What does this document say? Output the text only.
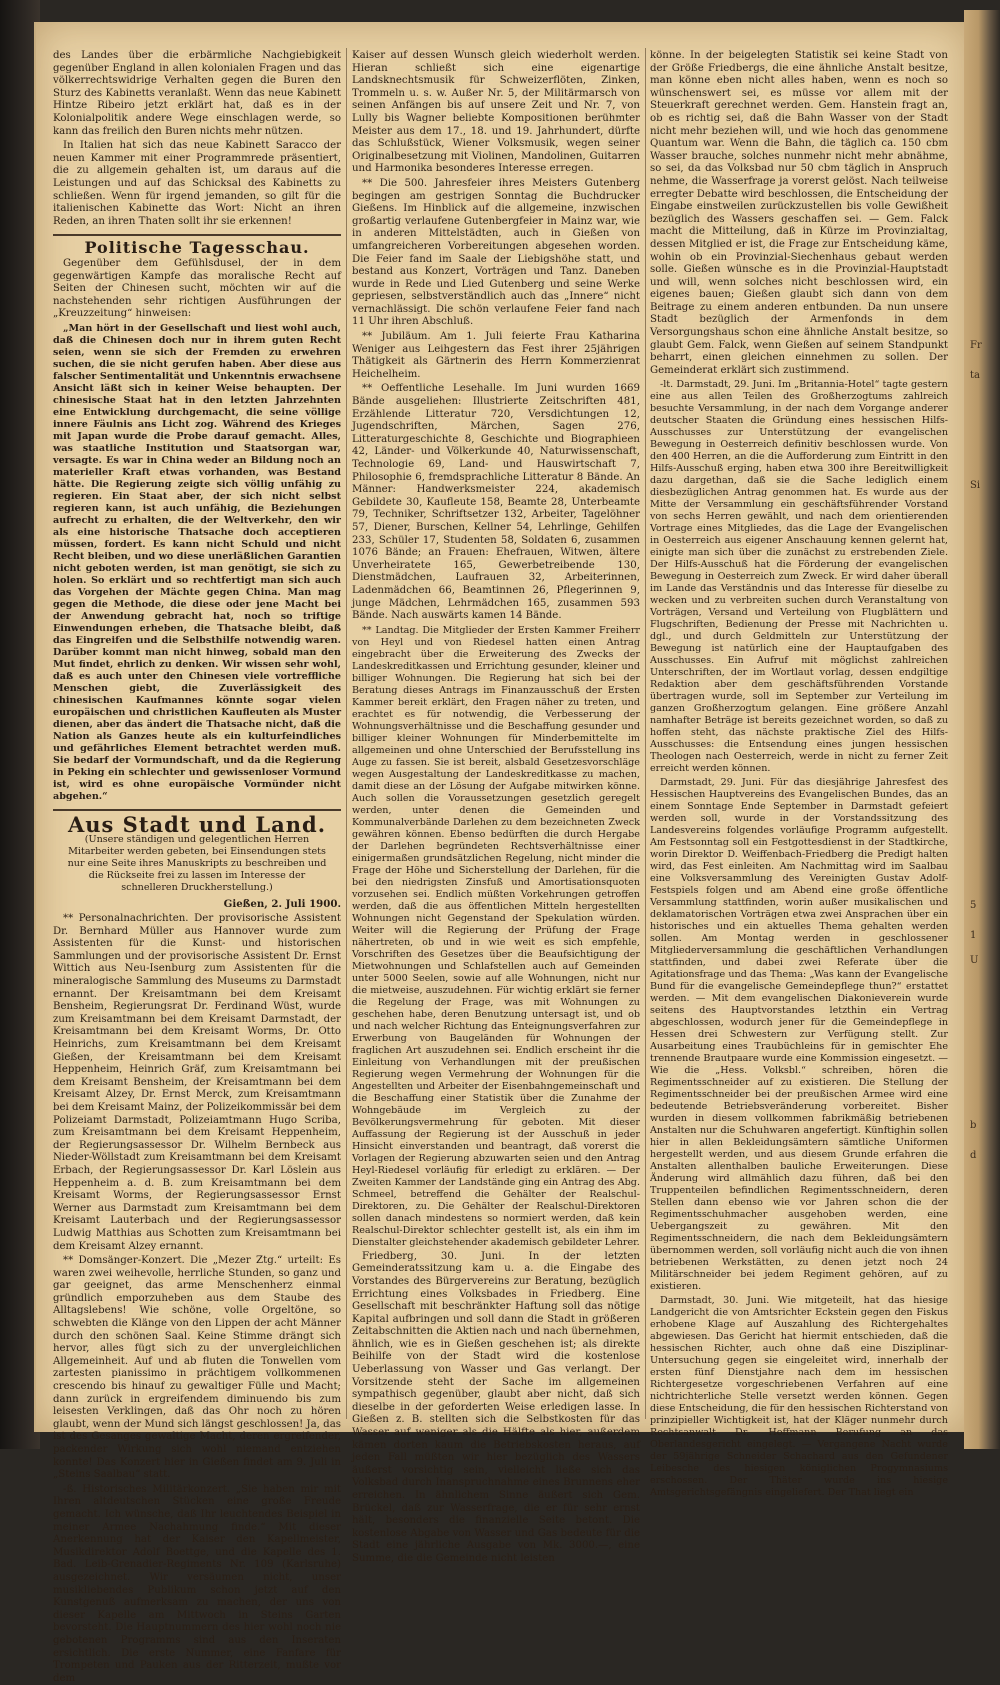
Fr
ta
Si
5
1
U
b
d

des Landes über die erbärmliche Nachgiebigkeit gegenüber England in allen kolonialen Fragen und das völkerrechtswidrige Verhalten gegen die Buren den Sturz des Kabinetts veranlaßt. Wenn das neue Kabinett Hintze Ribeiro jetzt erklärt hat, daß es in der Kolonialpolitik andere Wege einschlagen werde, so kann das freilich den Buren nichts mehr nützen.

In Italien hat sich das neue Kabinett Saracco der neuen Kammer mit einer Programmrede präsentiert, die zu allgemein gehalten ist, um daraus auf die Leistungen und auf das Schicksal des Kabinetts zu schließen. Wenn für irgend jemanden, so gilt für die italienischen Kabinette das Wort: Nicht an ihren Reden, an ihren Thaten sollt ihr sie erkennen!

Politische Tagesschau.

Gegenüber dem Gefühlsdusel, der in dem gegenwärtigen Kampfe das moralische Recht auf Seiten der Chinesen sucht, möchten wir auf die nachstehenden sehr richtigen Ausführungen der „Kreuzzeitung“ hinweisen:

„Man hört in der Gesellschaft und liest wohl auch, daß die Chinesen doch nur in ihrem guten Recht seien, wenn sie sich der Fremden zu erwehren suchen, die sie nicht gerufen haben. Aber diese aus falscher Sentimentalität und Unkenntnis erwachsene Ansicht läßt sich in keiner Weise behaupten. Der chinesische Staat hat in den letzten Jahrzehnten eine Entwicklung durchgemacht, die seine völlige innere Fäulnis ans Licht zog. Während des Krieges mit Japan wurde die Probe darauf gemacht. Alles, was staatliche Institution und Staatsorgan war, versagte. Es war in China weder an Bildung noch an materieller Kraft etwas vorhanden, was Bestand hätte. Die Regierung zeigte sich völlig unfähig zu regieren. Ein Staat aber, der sich nicht selbst regieren kann, ist auch unfähig, die Beziehungen aufrecht zu erhalten, die der Weltverkehr, den wir als eine historische Thatsache doch acceptieren müssen, fordert. Es kann nicht Schuld und nicht Recht bleiben, und wo diese unerläßlichen Garantien nicht geboten werden, ist man genötigt, sie sich zu holen. So erklärt und so rechtfertigt man sich auch das Vorgehen der Mächte gegen China. Man mag gegen die Methode, die diese oder jene Macht bei der Anwendung gebracht hat, noch so triftige Einwendungen erheben, die Thatsache bleibt, daß das Eingreifen und die Selbsthilfe notwendig waren. Darüber kommt man nicht hinweg, sobald man den Mut findet, ehrlich zu denken. Wir wissen sehr wohl, daß es auch unter den Chinesen viele vortreffliche Menschen giebt, die Zuverlässigkeit des chinesischen Kaufmannes könnte sogar vielen europäischen und christlichen Kaufleuten als Muster dienen, aber das ändert die Thatsache nicht, daß die Nation als Ganzes heute als ein kulturfeindliches und gefährliches Element betrachtet werden muß. Sie bedarf der Vormundschaft, und da die Regierung in Peking ein schlechter und gewissenloser Vormund ist, wird es ohne europäische Vormünder nicht abgehen.“

Aus Stadt und Land.
(Unsere ständigen und gelegentlichen Herren Mitarbeiter werden gebeten, bei Einsendungen stets nur eine Seite ihres Manuskripts zu beschreiben und die Rückseite frei zu lassen im Interesse der schnelleren Druckherstellung.)
Gießen, 2. Juli 1900.

** Personalnachrichten. Der provisorische Assistent Dr. Bernhard Müller aus Hannover wurde zum Assistenten für die Kunst- und historischen Sammlungen und der provisorische Assistent Dr. Ernst Wittich aus Neu-Isenburg zum Assistenten für die mineralogische Sammlung des Museums zu Darmstadt ernannt. Der Kreisamtmann bei dem Kreisamt Bensheim, Regierungsrat Dr. Ferdinand Wüst, wurde zum Kreisamtmann bei dem Kreisamt Darmstadt, der Kreisamtmann bei dem Kreisamt Worms, Dr. Otto Heinrichs, zum Kreisamtmann bei dem Kreisamt Gießen, der Kreisamtmann bei dem Kreisamt Heppenheim, Heinrich Gräf, zum Kreisamtmann bei dem Kreisamt Bensheim, der Kreisamtmann bei dem Kreisamt Alzey, Dr. Ernst Merck, zum Kreisamtmann bei dem Kreisamt Mainz, der Polizeikommissär bei dem Polizeiamt Darmstadt, Polizeiamtmann Hugo Scriba, zum Kreisamtmann bei dem Kreisamt Heppenheim, der Regierungsassessor Dr. Wilhelm Bernbeck aus Nieder-Wöllstadt zum Kreisamtmann bei dem Kreisamt Erbach, der Regierungsassessor Dr. Karl Löslein aus Heppenheim a. d. B. zum Kreisamtmann bei dem Kreisamt Worms, der Regierungsassessor Ernst Werner aus Darmstadt zum Kreisamtmann bei dem Kreisamt Lauterbach und der Regierungsassessor Ludwig Matthias aus Schotten zum Kreisamtmann bei dem Kreisamt Alzey ernannt.

** Domsänger-Konzert. Die „Mezer Ztg.“ urteilt: Es waren zwei weihevolle, herrliche Stunden, so ganz und gar geeignet, das arme Menschenherz einmal gründlich emporzuheben aus dem Staube des Alltagslebens! Wie schöne, volle Orgeltöne, so schwebten die Klänge von den Lippen der acht Männer durch den schönen Saal. Keine Stimme drängt sich hervor, alles fügt sich zu der unvergleichlichen Allgemeinheit. Auf und ab fluten die Tonwellen vom zartesten pianissimo in prächtigem vollkommenen crescendo bis hinauf zu gewaltiger Fülle und Macht; dann zurück in ergreifendem diminuendo bis zum leisesten Verklingen, daß das Ohr noch zu hören glaubt, wenn der Mund sich längst geschlossen! Ja, das ist des Gesanges gewaltige Macht, deren ergreifender, packender Wirkung sich wohl niemand entziehen konnte! Das Konzert hier in Gießen findet am 9. Juli in „Steins Saalbau“ statt.

-ß. Historisches Militärkonzert. „Sie haben mir mit Ihren altdeutschen Stücken eine große Freude gemacht. Ich wünsche, daß Ihr leuchtendes Beispiel in meiner Armee Nachahmung finde.“ Mit dieser Anerkennung hat der Kaiser den Kapellmeister, Musikdirektor Adolf Boettge, und die Kapelle des 1. Bad. Leib-Grenadier-Regiments Nr. 109 (Karlsruhe) ausgezeichnet. Wir versäumen nicht, unser musikliebendes Publikum schon jetzt auf den Kunstgenuß aufmerksam zu machen, der uns von dieser Kapelle am Mittwoch in Steins Garten bevorsteht. Die Hauptnummern des hier wohl noch nie gebotenen Programms sind aus den Inseraten ersichtlich. Die erste Nummer, eine Fanfare für Trompeten und Pauken aus der Ritterzeit, mußte vor dem

Kaiser auf dessen Wunsch gleich wiederholt werden. Hieran schließt sich eine eigenartige Landsknechtsmusik für Schweizerflöten, Zinken, Trommeln u. s. w. Außer Nr. 5, der Militärmarsch von seinen Anfängen bis auf unsere Zeit und Nr. 7, von Lully bis Wagner beliebte Kompositionen berühmter Meister aus dem 17., 18. und 19. Jahrhundert, dürfte das Schlußstück, Wiener Volksmusik, wegen seiner Originalbesetzung mit Violinen, Mandolinen, Guitarren und Harmonika besonderes Interesse erregen.

** Die 500. Jahresfeier ihres Meisters Gutenberg begingen am gestrigen Sonntag die Buchdrucker Gießens. Im Hinblick auf die allgemeine, inzwischen großartig verlaufene Gutenbergfeier in Mainz war, wie in anderen Mittelstädten, auch in Gießen von umfangreicheren Vorbereitungen abgesehen worden. Die Feier fand im Saale der Liebigshöhe statt, und bestand aus Konzert, Vorträgen und Tanz. Daneben wurde in Rede und Lied Gutenberg und seine Werke gepriesen, selbstverständlich auch das „Innere“ nicht vernachlässigt. Die schön verlaufene Feier fand nach 11 Uhr ihren Abschluß.

** Jubiläum. Am 1. Juli feierte Frau Katharina Weniger aus Leihgestern das Fest ihrer 25jährigen Thätigkeit als Gärtnerin des Herrn Kommerzienrat Heichelheim.

** Oeffentliche Lesehalle. Im Juni wurden 1669 Bände ausgeliehen: Illustrierte Zeitschriften 481, Erzählende Litteratur 720, Versdichtungen 12, Jugendschriften, Märchen, Sagen 276, Litteraturgeschichte 8, Geschichte und Biographieen 42, Länder- und Völkerkunde 40, Naturwissenschaft, Technologie 69, Land- und Hauswirtschaft 7, Philosophie 6, fremdsprachliche Litteratur 8 Bände. An Männer: Handwerksmeister 224, akademisch Gebildete 30, Kaufleute 158, Beamte 28, Unterbeamte 79, Techniker, Schriftsetzer 132, Arbeiter, Tagelöhner 57, Diener, Burschen, Kellner 54, Lehrlinge, Gehilfen 233, Schüler 17, Studenten 58, Soldaten 6, zusammen 1076 Bände; an Frauen: Ehefrauen, Witwen, ältere Unverheiratete 165, Gewerbetreibende 130, Dienstmädchen, Laufrauen 32, Arbeiterinnen, Ladenmädchen 66, Beamtinnen 26, Pflegerinnen 9, junge Mädchen, Lehrmädchen 165, zusammen 593 Bände. Nach auswärts kamen 14 Bände.

** Landtag. Die Mitglieder der Ersten Kammer Freiherr von Heyl und von Riedesel hatten einen Antrag eingebracht über die Erweiterung des Zwecks der Landeskreditkassen und Errichtung gesunder, kleiner und billiger Wohnungen. Die Regierung hat sich bei der Beratung dieses Antrags im Finanzausschuß der Ersten Kammer bereit erklärt, den Fragen näher zu treten, und erachtet es für notwendig, die Verbesserung der Wohnungsverhältnisse und die Beschaffung gesunder und billiger kleiner Wohnungen für Minderbemittelte im allgemeinen und ohne Unterschied der Berufsstellung ins Auge zu fassen. Sie ist bereit, alsbald Gesetzesvorschläge wegen Ausgestaltung der Landeskreditkasse zu machen, damit diese an der Lösung der Aufgabe mitwirken könne. Auch sollen die Voraussetzungen gesetzlich geregelt werden, unter denen die Gemeinden und Kommunalverbände Darlehen zu dem bezeichneten Zweck gewähren können. Ebenso bedürften die durch Hergabe der Darlehen begründeten Rechtsverhältnisse einer einigermaßen grundsätzlichen Regelung, nicht minder die Frage der Höhe und Sicherstellung der Darlehen, für die bei den niedrigsten Zinsfuß und Amortisationsquoten vorzusehen sei. Endlich müßten Vorkehrungen getroffen werden, daß die aus öffentlichen Mitteln hergestellten Wohnungen nicht Gegenstand der Spekulation würden. Weiter will die Regierung der Prüfung der Frage nähertreten, ob und in wie weit es sich empfehle, Vorschriften des Gesetzes über die Beaufsichtigung der Mietwohnungen und Schlafstellen auch auf Gemeinden unter 5000 Seelen, sowie auf alle Wohnungen, nicht nur die mietweise, auszudehnen. Für wichtig erklärt sie ferner die Regelung der Frage, was mit Wohnungen zu geschehen habe, deren Benutzung untersagt ist, und ob und nach welcher Richtung das Enteignungsverfahren zur Erwerbung von Baugeländen für Wohnungen der fraglichen Art auszudehnen sei. Endlich erscheint ihr die Einleitung von Verhandlungen mit der preußischen Regierung wegen Vermehrung der Wohnungen für die Angestellten und Arbeiter der Eisenbahngemeinschaft und die Beschaffung einer Statistik über die Zunahme der Wohngebäude im Vergleich zu der Bevölkerungsvermehrung für geboten. Mit dieser Auffassung der Regierung ist der Ausschuß in jeder Hinsicht einverstanden und beantragt, daß vorerst die Vorlagen der Regierung abzuwarten seien und den Antrag Heyl-Riedesel vorläufig für erledigt zu erklären. — Der Zweiten Kammer der Landstände ging ein Antrag des Abg. Schmeel, betreffend die Gehälter der Realschul-Direktoren, zu. Die Gehälter der Realschul-Direktoren sollen danach mindestens so normiert werden, daß kein Realschul-Direktor schlechter gestellt ist, als ein ihm im Dienstalter gleichstehender akademisch gebildeter Lehrer.

Friedberg, 30. Juni. In der letzten Gemeinderatssitzung kam u. a. die Eingabe des Vorstandes des Bürgervereins zur Beratung, bezüglich Errichtung eines Volksbades in Friedberg. Eine Gesellschaft mit beschränkter Haftung soll das nötige Kapital aufbringen und soll dann die Stadt in größeren Zeitabschnitten die Aktien nach und nach übernehmen, ähnlich, wie es in Gießen geschehen ist; als direkte Beihilfe von der Stadt wird die kostenlose Ueberlassung von Wasser und Gas verlangt. Der Vorsitzende steht der Sache im allgemeinen sympathisch gegenüber, glaubt aber nicht, daß sich dieselbe in der geforderten Weise erledigen lasse. In Gießen z. B. stellten sich die Selbstkosten für das Wasser auf weniger als die Hälfte als hier, außerdem kämen dorten kaum die Betriebskosten heraus, auf jeden Fall müßten wir hier bezüglich des Wassers äußerst vorsichtig sein, vielleicht ließe sich das Volksbad durch Inanspruchnahme eines Brunnens eher erreichen. In ähnlichem Sinne äußert sich Gem. Brückel, daß zur Wasserfrage, die er für sehr ernst hält, besonders die finanzielle Seite betont. Die kostenlose Abgabe von Wasser und Gas bedeute für die Stadt eine jährliche Ausgabe von Mk. 3000.—, eine Summe, die die Gemeinde nicht leisten

könne. In der beigelegten Statistik sei keine Stadt von der Größe Friedbergs, die eine ähnliche Anstalt besitze, man könne eben nicht alles haben, wenn es noch so wünschenswert sei, es müsse vor allem mit der Steuerkraft gerechnet werden. Gem. Hanstein fragt an, ob es richtig sei, daß die Bahn Wasser von der Stadt nicht mehr beziehen will, und wie hoch das genommene Quantum war. Wenn die Bahn, die täglich ca. 150 cbm Wasser brauche, solches nunmehr nicht mehr abnähme, so sei, da das Volksbad nur 50 cbm täglich in Anspruch nehme, die Wasserfrage ja vorerst gelöst. Nach teilweise erregter Debatte wird beschlossen, die Entscheidung der Eingabe einstweilen zurückzustellen bis volle Gewißheit bezüglich des Wassers geschaffen sei. — Gem. Falck macht die Mitteilung, daß in Kürze im Provinzialtag, dessen Mitglied er ist, die Frage zur Entscheidung käme, wohin ob ein Provinzial-Siechenhaus gebaut werden solle. Gießen wünsche es in die Provinzial-Hauptstadt und will, wenn solches nicht beschlossen wird, ein eigenes bauen; Gießen glaubt sich dann von dem Beitrage zu einem anderen entbunden. Da nun unsere Stadt bezüglich der Armenfonds in dem Versorgungshaus schon eine ähnliche Anstalt besitze, so glaubt Gem. Falck, wenn Gießen auf seinem Standpunkt beharrt, einen gleichen einnehmen zu sollen. Der Gemeinderat erklärt sich zustimmend.

-lt. Darmstadt, 29. Juni. Im „Britannia-Hotel“ tagte gestern eine aus allen Teilen des Großherzogtums zahlreich besuchte Versammlung, in der nach dem Vorgange anderer deutscher Staaten die Gründung eines hessischen Hilfs-Ausschusses zur Unterstützung der evangelischen Bewegung in Oesterreich definitiv beschlossen wurde. Von den 400 Herren, an die die Aufforderung zum Eintritt in den Hilfs-Ausschuß erging, haben etwa 300 ihre Bereitwilligkeit dazu dargethan, daß sie die Sache lediglich einem diesbezüglichen Antrag genommen hat. Es wurde aus der Mitte der Versammlung ein geschäftsführender Vorstand von sechs Herren gewählt, und nach dem orientierenden Vortrage eines Mitgliedes, das die Lage der Evangelischen in Oesterreich aus eigener Anschauung kennen gelernt hat, einigte man sich über die zunächst zu erstrebenden Ziele. Der Hilfs-Ausschuß hat die Förderung der evangelischen Bewegung in Oesterreich zum Zweck. Er wird daher überall im Lande das Verständnis und das Interesse für dieselbe zu wecken und zu verbreiten suchen durch Veranstaltung von Vorträgen, Versand und Verteilung von Flugblättern und Flugschriften, Bedienung der Presse mit Nachrichten u. dgl., und durch Geldmitteln zur Unterstützung der Bewegung ist natürlich eine der Hauptaufgaben des Ausschusses. Ein Aufruf mit möglichst zahlreichen Unterschriften, der im Wortlaut vorlag, dessen endgiltige Redaktion aber dem geschäftsführenden Vorstande übertragen wurde, soll im September zur Verteilung im ganzen Großherzogtum gelangen. Eine größere Anzahl namhafter Beträge ist bereits gezeichnet worden, so daß zu hoffen steht, das nächste praktische Ziel des Hilfs-Ausschusses: die Entsendung eines jungen hessischen Theologen nach Oesterreich, werde in nicht zu ferner Zeit erreicht werden können.

Darmstadt, 29. Juni. Für das diesjährige Jahresfest des Hessischen Hauptvereins des Evangelischen Bundes, das an einem Sonntage Ende September in Darmstadt gefeiert werden soll, wurde in der Vorstandssitzung des Landesvereins folgendes vorläufige Programm aufgestellt. Am Festsonntag soll ein Festgottesdienst in der Stadtkirche, worin Direktor D. Weiffenbach-Friedberg die Predigt halten wird, das Fest einleiten. Am Nachmittag wird im Saalbau eine Volksversammlung des Vereinigten Gustav Adolf-Festspiels folgen und am Abend eine große öffentliche Versammlung stattfinden, worin außer musikalischen und deklamatorischen Vorträgen etwa zwei Ansprachen über ein historisches und ein aktuelles Thema gehalten werden sollen. Am Montag werden in geschlossener Mitgliederversammlung die geschäftlichen Verhandlungen stattfinden, und dabei zwei Referate über die Agitationsfrage und das Thema: „Was kann der Evangelische Bund für die evangelische Gemeindepflege thun?“ erstattet werden. — Mit dem evangelischen Diakonieverein wurde seitens des Hauptvorstandes letzthin ein Vertrag abgeschlossen, wodurch jener für die Gemeindepflege in Hessen drei Schwestern zur Verfügung stellt. Zur Ausarbeitung eines Traubüchleins für in gemischter Ehe trennende Brautpaare wurde eine Kommission eingesetzt. — Wie die „Hess. Volksbl.“ schreiben, hören die Regimentsschneider auf zu existieren. Die Stellung der Regimentsschneider bei der preußischen Armee wird eine bedeutende Betriebsveränderung vorbereitet. Bisher wurden in diesem vollkommen fabrikmäßig betriebenen Anstalten nur die Schuhwaren angefertigt. Künftighin sollen hier in allen Bekleidungsämtern sämtliche Uniformen hergestellt werden, und aus diesem Grunde erfahren die Anstalten allenthalben bauliche Erweiterungen. Diese Änderung wird allmählich dazu führen, daß bei den Truppenteilen befindlichen Regimentsschneidern, deren Stellen dann ebenso wie vor Jahren schon die der Regimentsschuhmacher ausgehoben werden, eine Uebergangszeit zu gewähren. Mit den Regimentsschneidern, die nach dem Bekleidungsämtern übernommen werden, soll vorläufig nicht auch die von ihnen betriebenen Werkstätten, zu denen jetzt noch 24 Militärschneider bei jedem Regiment gehören, auf zu existieren.

Darmstadt, 30. Juni. Wie mitgeteilt, hat das hiesige Landgericht die von Amtsrichter Eckstein gegen den Fiskus erhobene Klage auf Auszahlung des Richtergehaltes abgewiesen. Das Gericht hat hiermit entschieden, daß die hessischen Richter, auch ohne daß eine Disziplinar-Untersuchung gegen sie eingeleitet wird, innerhalb der ersten fünf Dienstjahre nach dem im hessischen Richtergesetze vorgeschriebenen Verfahren auf eine nichtrichterliche Stelle versetzt werden können. Gegen diese Entscheidung, die für den hessischen Richterstand von prinzipieller Wichtigkeit ist, hat der Kläger nunmehr durch Rechtsanwalt Dr. Hoffmann Berufung an das Oberlandesgericht eingelegt. — Vergangene Nacht wurde der 59jährige Schneider Schachard aus den Gefundener Leibesche des hiesigen königlichen Progymnasiums erschossen. Der Thäter wurde ins hiesige Amtsgerichtsgefängnis eingeliefert. Der That liegt ein
